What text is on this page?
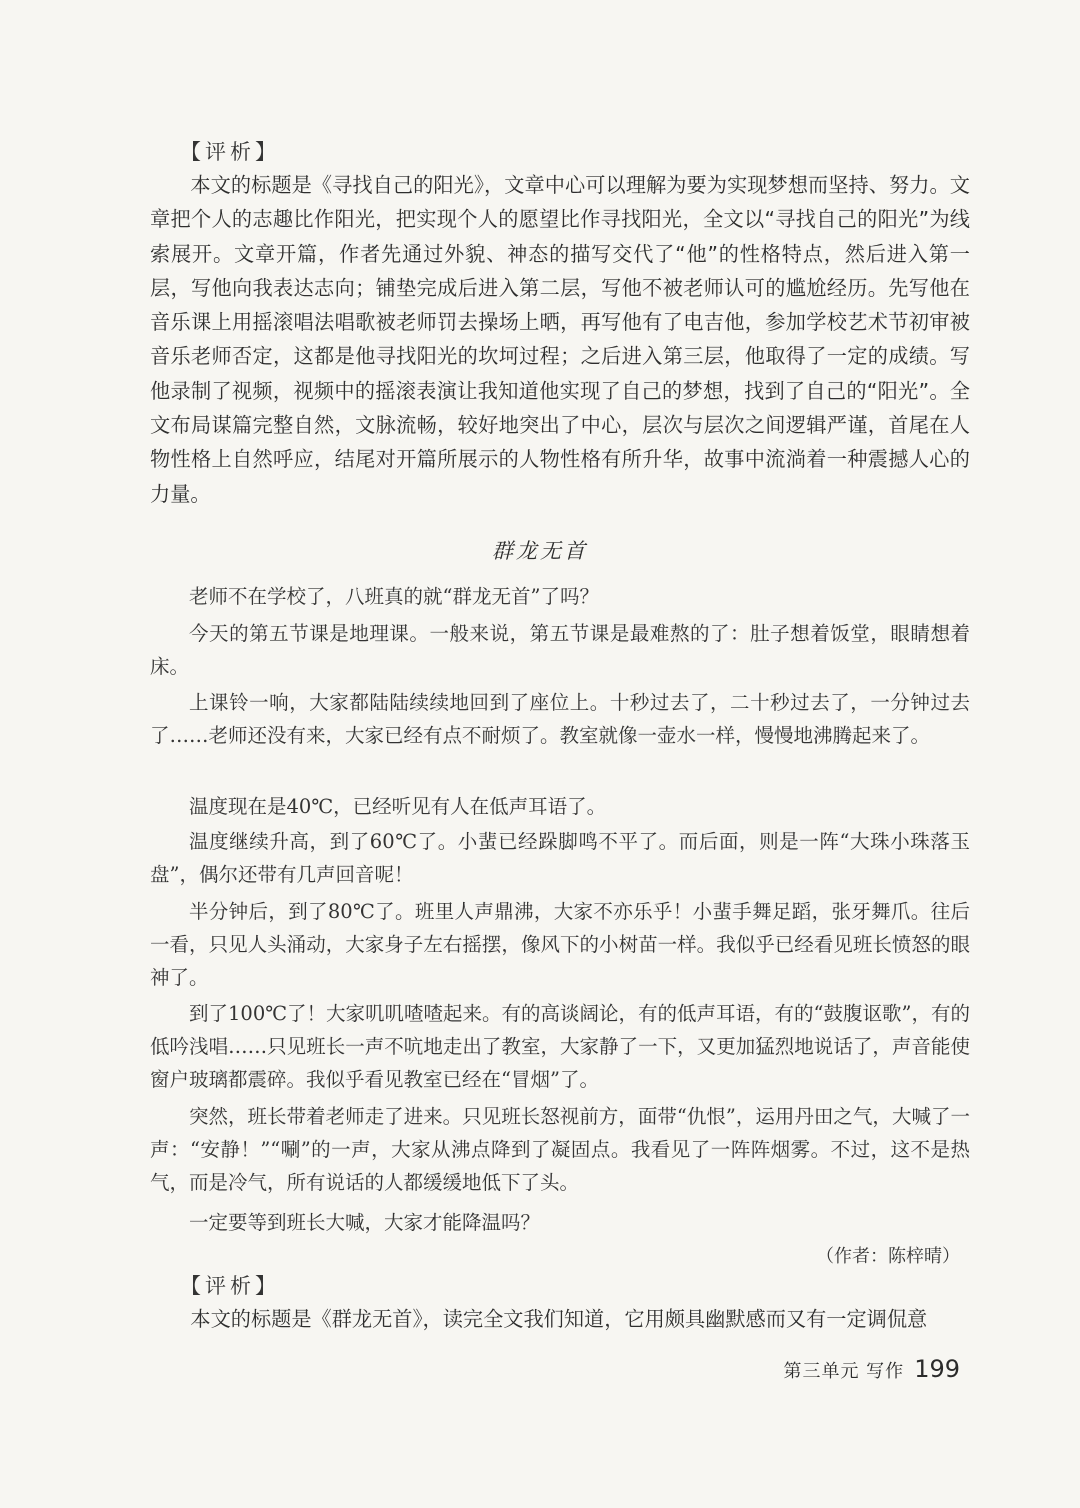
【评析】

本文的标题是《寻找自己的阳光》，文章中心可以理解为要为实现梦想而坚持、努力。文章把个人的志趣比作阳光，把实现个人的愿望比作寻找阳光，全文以“寻找自己的阳光”为线索展开。文章开篇，作者先通过外貌、神态的描写交代了“他”的性格特点，然后进入第一层，写他向我表达志向；铺垫完成后进入第二层，写他不被老师认可的尴尬经历。先写他在音乐课上用摇滚唱法唱歌被老师罚去操场上晒，再写他有了电吉他，参加学校艺术节初审被音乐老师否定，这都是他寻找阳光的坎坷过程；之后进入第三层，他取得了一定的成绩。写他录制了视频，视频中的摇滚表演让我知道他实现了自己的梦想，找到了自己的“阳光”。全文布局谋篇完整自然，文脉流畅，较好地突出了中心，层次与层次之间逻辑严谨，首尾在人物性格上自然呼应，结尾对开篇所展示的人物性格有所升华，故事中流淌着一种震撼人心的力量。

群龙无首

老师不在学校了，八班真的就“群龙无首”了吗？

今天的第五节课是地理课。一般来说，第五节课是最难熬的了：肚子想着饭堂，眼睛想着床。

上课铃一响，大家都陆陆续续地回到了座位上。十秒过去了，二十秒过去了，一分钟过去了……老师还没有来，大家已经有点不耐烦了。教室就像一壶水一样，慢慢地沸腾起来了。

温度现在是40℃，已经听见有人在低声耳语了。

温度继续升高，到了60℃了。小蜚已经跺脚鸣不平了。而后面，则是一阵“大珠小珠落玉盘”，偶尔还带有几声回音呢！

半分钟后，到了80℃了。班里人声鼎沸，大家不亦乐乎！小蜚手舞足蹈，张牙舞爪。往后一看，只见人头涌动，大家身子左右摇摆，像风下的小树苗一样。我似乎已经看见班长愤怒的眼神了。

到了100℃了！大家叽叽喳喳起来。有的高谈阔论，有的低声耳语，有的“鼓腹讴歌”，有的低吟浅唱……只见班长一声不吭地走出了教室，大家静了一下，又更加猛烈地说话了，声音能使窗户玻璃都震碎。我似乎看见教室已经在“冒烟”了。

突然，班长带着老师走了进来。只见班长怒视前方，面带“仇恨”，运用丹田之气，大喊了一声：“安静！”“唰”的一声，大家从沸点降到了凝固点。我看见了一阵阵烟雾。不过，这不是热气，而是冷气，所有说话的人都缓缓地低下了头。

一定要等到班长大喊，大家才能降温吗？

（作者：陈梓晴）
【评析】

本文的标题是《群龙无首》，读完全文我们知道，它用颇具幽默感而又有一定调侃意

第三单元 写作 199
